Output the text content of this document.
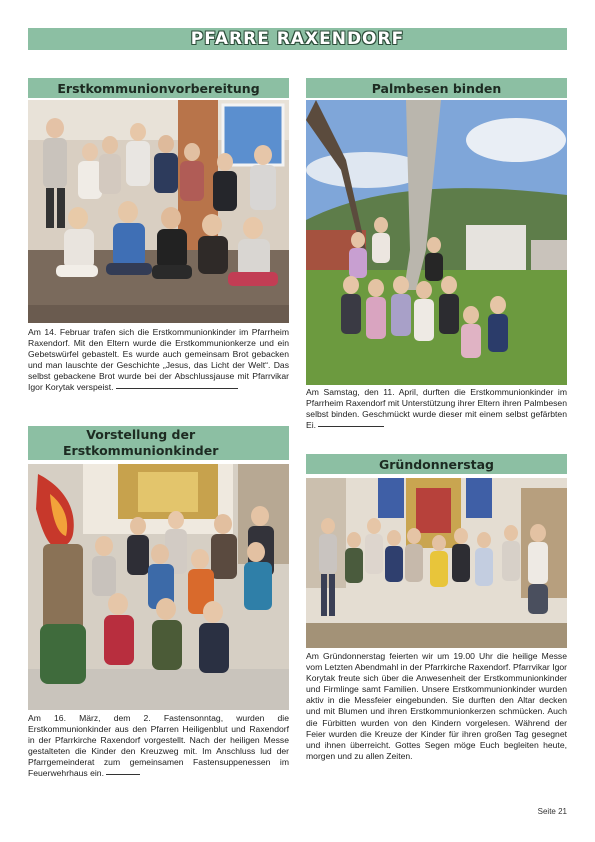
PFARRE RAXENDORF
Erstkommunionvorbereitung
Am 14. Februar trafen sich die Erstkommunionkinder im Pfarrheim Raxendorf. Mit den Eltern wurde die Erstkommunionkerze und ein Gebetswürfel gebastelt. Es wurde auch gemeinsam Brot gebacken und man lauschte der Geschichte „Jesus, das Licht der Welt“. Das selbst gebackene Brot wurde bei der Abschlussjause mit Pfarrvikar Igor Korytak verspeist.
Vorstellung der
Erstkommunionkinder
Am 16. März, dem 2. Fastensonntag, wurden die Erstkommunionkinder aus den Pfarren Heiligenblut und Raxendorf in der Pfarrkirche Raxendorf vorgestellt. Nach der heiligen Messe gestalteten die Kinder den Kreuzweg mit. Im Anschluss lud der Pfarrgemeinderat zum gemeinsamen Fastensuppenessen im Feuerwehrhaus ein.
Palmbesen binden
Am Samstag, den 11. April, durften die Erstkommunionkinder im Pfarrheim Raxendorf mit Unterstützung ihrer Eltern ihren Palmbesen selbst binden. Geschmückt wurde dieser mit einem selbst gefärbten Ei.
Gründonnerstag
Am Gründonnerstag feierten wir um 19.00 Uhr die heilige Messe vom Letzten Abendmahl in der Pfarrkirche Raxendorf. Pfarrvikar Igor Korytak freute sich über die Anwesenheit der Erstkommunionkinder und Firmlinge samt Familien. Unsere Erstkommunionkinder wurden aktiv in die Messfeier eingebunden. Sie durften den Altar decken und mit Blumen und ihren Erstkommunionkerzen schmücken. Auch die Fürbitten wurden von den Kindern vorgelesen. Während der Feier wurden die Kreuze der Kinder für ihren großen Tag gesegnet und ihnen überreicht. Gottes Segen möge Euch begleiten heute, morgen und zu allen Zeiten.
Seite 21
